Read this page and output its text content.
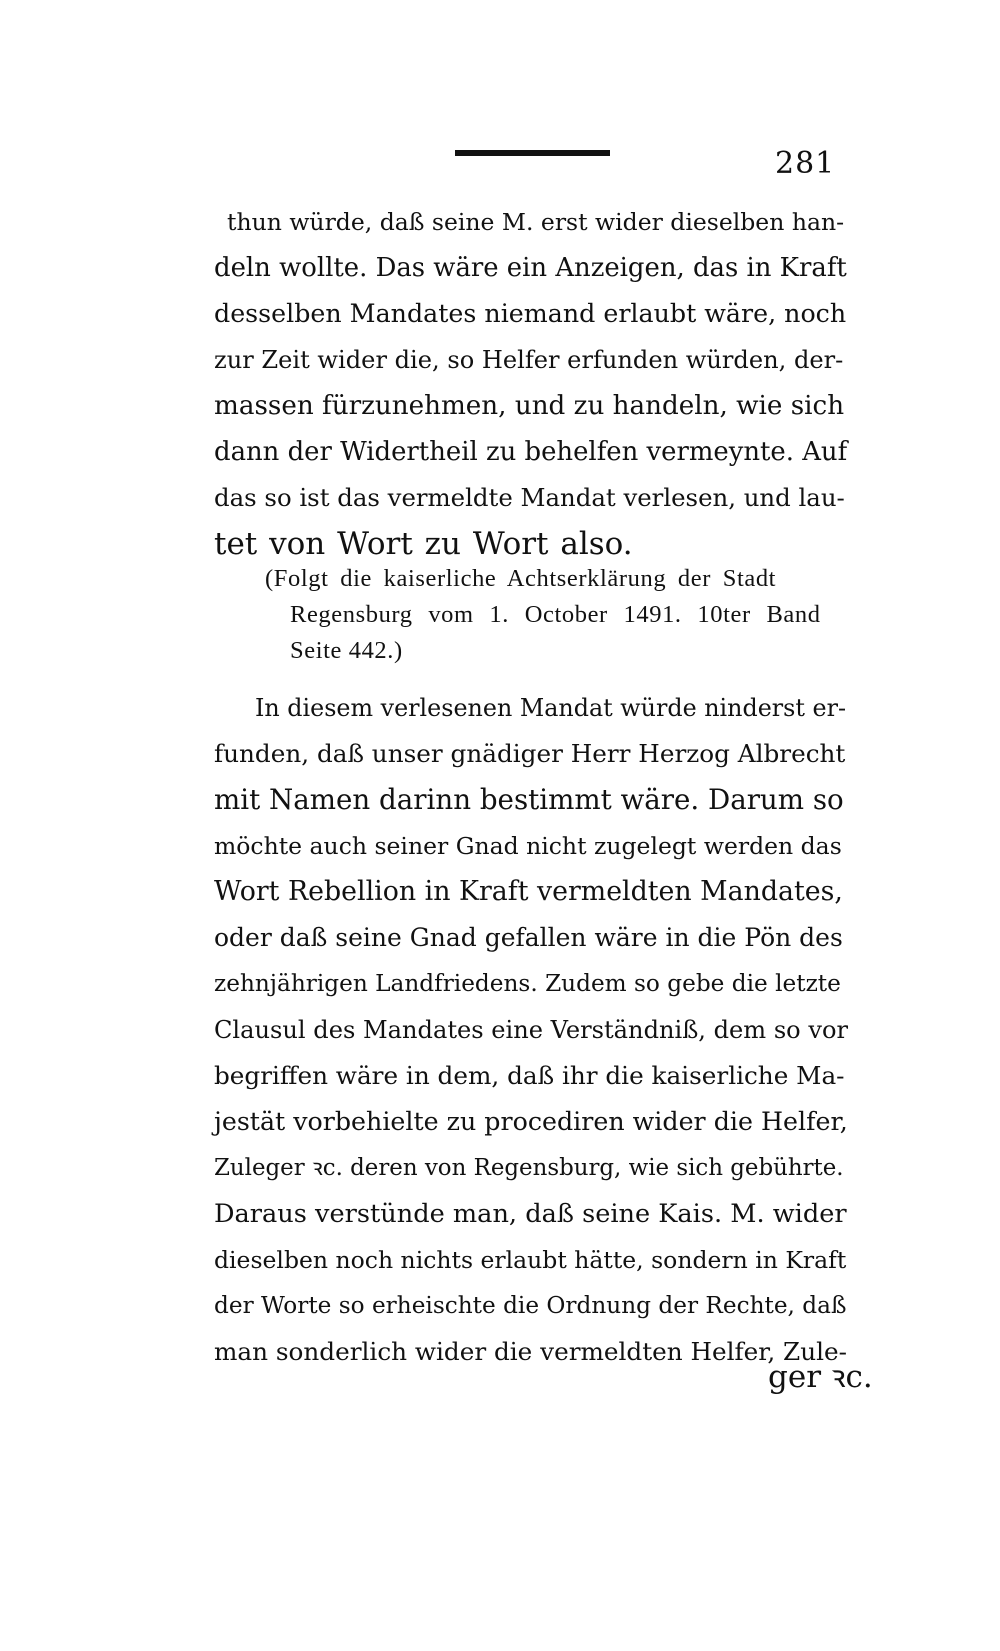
281
thun würde, daß seine M. erst wider dieselben han-
deln wollte. Das wäre ein Anzeigen, das in Kraft
desselben Mandates niemand erlaubt wäre, noch
zur Zeit wider die, so Helfer erfunden würden, der-
massen fürzunehmen, und zu handeln, wie sich
dann der Widertheil zu behelfen vermeynte. Auf
das so ist das vermeldte Mandat verlesen, und lau-
tet von Wort zu Wort also.
(Folgt die kaiserliche Achtserklärung der Stadt
Regensburg vom 1. October 1491. 10ter Band
Seite 442.)
In diesem verlesenen Mandat würde ninderst er-
funden, daß unser gnädiger Herr Herzog Albrecht
mit Namen darinn bestimmt wäre. Darum so
möchte auch seiner Gnad nicht zugelegt werden das
Wort Rebellion in Kraft vermeldten Mandates,
oder daß seine Gnad gefallen wäre in die Pön des
zehnjährigen Landfriedens. Zudem so gebe die letzte
Clausul des Mandates eine Verständniß, dem so vor
begriffen wäre in dem, daß ihr die kaiserliche Ma-
jestät vorbehielte zu procediren wider die Helfer,
Zuleger ꝛc. deren von Regensburg, wie sich gebührte.
Daraus verstünde man, daß seine Kais. M. wider
dieselben noch nichts erlaubt hätte, sondern in Kraft
der Worte so erheischte die Ordnung der Rechte, daß
man sonderlich wider die vermeldten Helfer, Zule-
ger ꝛc.
